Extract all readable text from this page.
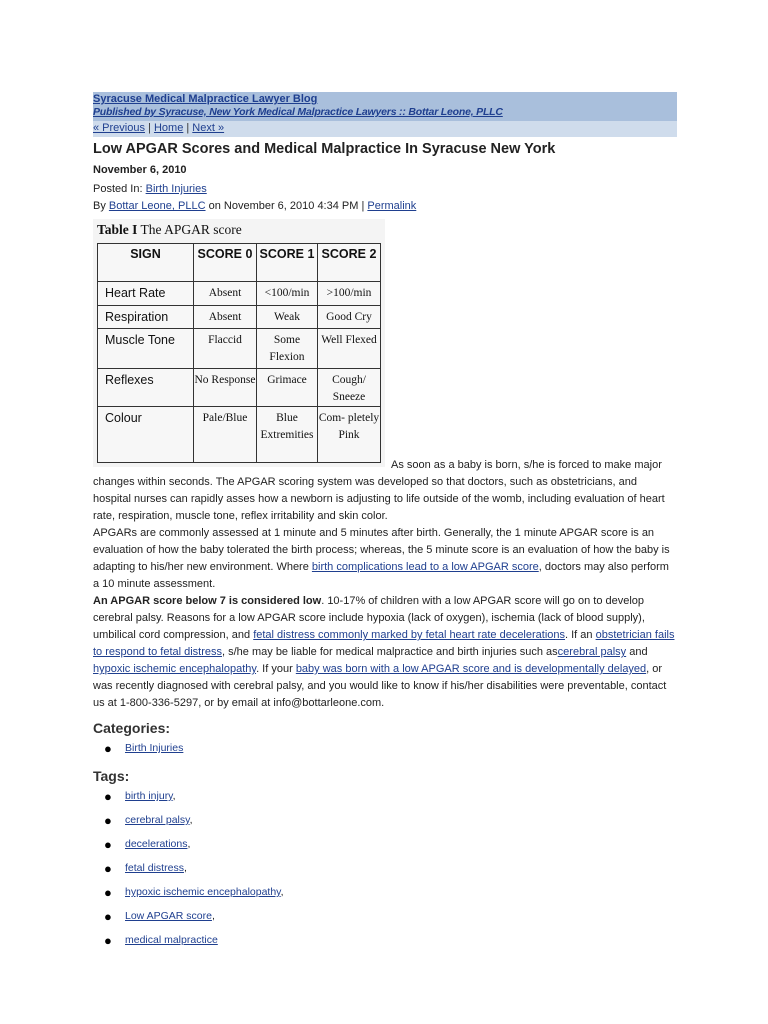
Syracuse Medical Malpractice Lawyer Blog
Published by Syracuse, New York Medical Malpractice Lawyers :: Bottar Leone, PLLC
« Previous | Home | Next »
Low APGAR Scores and Medical Malpractice In Syracuse New York
November 6, 2010
Posted In: Birth Injuries
By Bottar Leone, PLLC on November 6, 2010 4:34 PM | Permalink
Table I The APGAR score
SIGN	SCORE 0	SCORE 1	SCORE 2
Heart Rate	Absent	<100/min	>100/min
Respiration	Absent	Weak	Good Cry
Muscle Tone	Flaccid	Some Flexion	Well Flexed
Reflexes	No Response	Grimace	Cough/ Sneeze
Colour	Pale/Blue	Blue Extremities	Com- pletely Pink
As soon as a baby is born, s/he is forced to make major changes within seconds. The APGAR scoring system was developed so that doctors, such as obstetricians, and hospital nurses can rapidly asses how a newborn is adjusting to life outside of the womb, including evaluation of heart rate, respiration, muscle tone, reflex irritability and skin color.
APGARs are commonly assessed at 1 minute and 5 minutes after birth. Generally, the 1 minute APGAR score is an evaluation of how the baby tolerated the birth process; whereas, the 5 minute score is an evaluation of how the baby is adapting to his/her new environment. Where birth complications lead to a low APGAR score, doctors may also perform a 10 minute assessment.
An APGAR score below 7 is considered low. 10-17% of children with a low APGAR score will go on to develop cerebral palsy. Reasons for a low APGAR score include hypoxia (lack of oxygen), ischemia (lack of blood supply), umbilical cord compression, and fetal distress commonly marked by fetal heart rate decelerations. If an obstetrician fails to respond to fetal distress, s/he may be liable for medical malpractice and birth injuries such ascerebral palsy and hypoxic ischemic encephalopathy. If your baby was born with a low APGAR score and is developmentally delayed, or was recently diagnosed with cerebral palsy, and you would like to know if his/her disabilities were preventable, contact us at 1-800-336-5297, or by email at info@bottarleone.com.
Categories:
● Birth Injuries
Tags:
● birth injury,
● cerebral palsy,
● decelerations,
● fetal distress,
● hypoxic ischemic encephalopathy,
● Low APGAR score,
● medical malpractice
